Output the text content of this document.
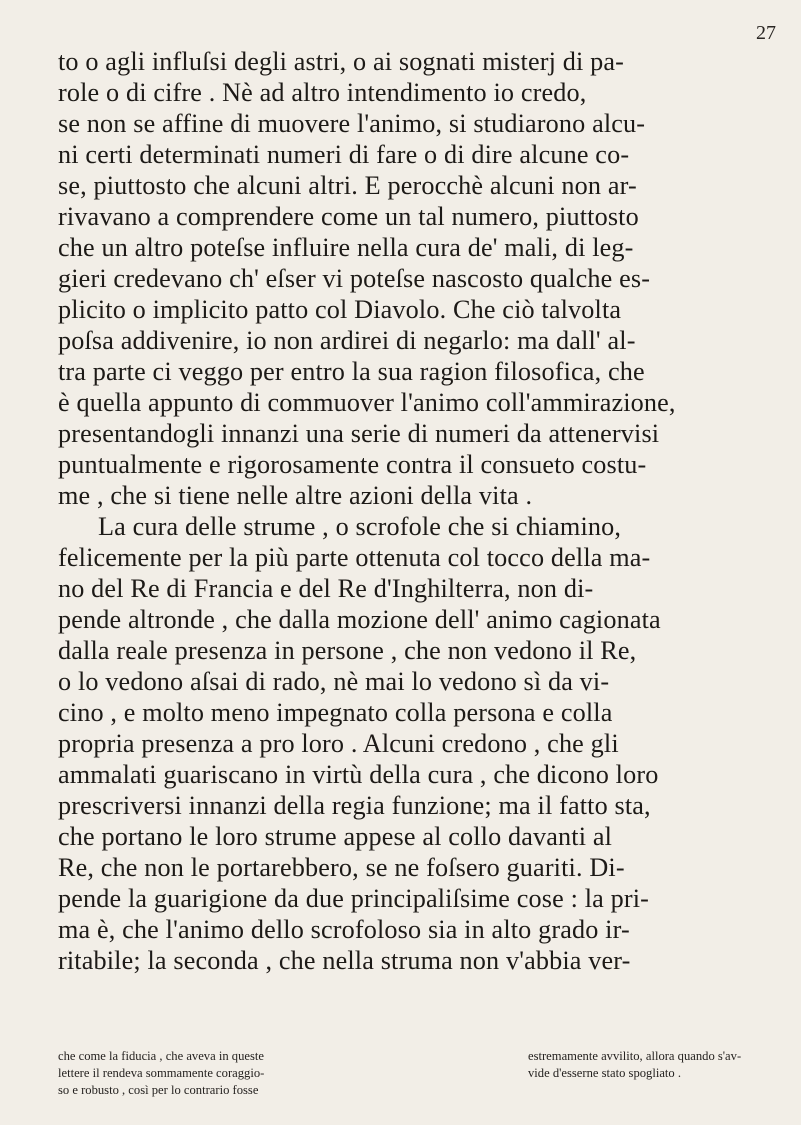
27
to o agli influſsi degli astri, o ai sognati misterj di pa-
role o di cifre . Nè ad altro intendimento io credo,
se non se affine di muovere l'animo, si studiarono alcu-
ni certi determinati numeri di fare o di dire alcune co-
se, piuttosto che alcuni altri. E perocchè alcuni non ar-
rivavano a comprendere come un tal numero, piuttosto
che un altro poteſse influire nella cura de' mali, di leg-
gieri credevano ch' eſser vi poteſse nascosto qualche es-
plicito o implicito patto col Diavolo. Che ciò talvolta
poſsa addivenire, io non ardirei di negarlo: ma dall' al-
tra parte ci veggo per entro la sua ragion filosofica, che
è quella appunto di commuover l'animo coll'ammirazione,
presentandogli innanzi una serie di numeri da attenervisi
puntualmente e rigorosamente contra il consueto costu-
me , che si tiene nelle altre azioni della vita .
La cura delle strume , o scrofole che si chiamino,
felicemente per la più parte ottenuta col tocco della ma-
no del Re di Francia e del Re d'Inghilterra, non di-
pende altronde , che dalla mozione dell' animo cagionata
dalla reale presenza in persone , che non vedono il Re,
o lo vedono aſsai di rado, nè mai lo vedono sì da vi-
cino , e molto meno impegnato colla persona e colla
propria presenza a pro loro . Alcuni credono , che gli
ammalati guariscano in virtù della cura , che dicono loro
prescriversi innanzi della regia funzione; ma il fatto sta,
che portano le loro strume appese al collo davanti al
Re, che non le portarebbero, se ne foſsero guariti. Di-
pende la guarigione da due principaliſsime cose : la pri-
ma è, che l'animo dello scrofoloso sia in alto grado ir-
ritabile; la seconda , che nella struma non v'abbia ver-
che come la fiducia , che aveva in queste
lettere il rendeva sommamente coraggio-
so e robusto , così per lo contrario fosse
estremamente avvilito, allora quando s'av-
vide d'esserne stato spogliato .
